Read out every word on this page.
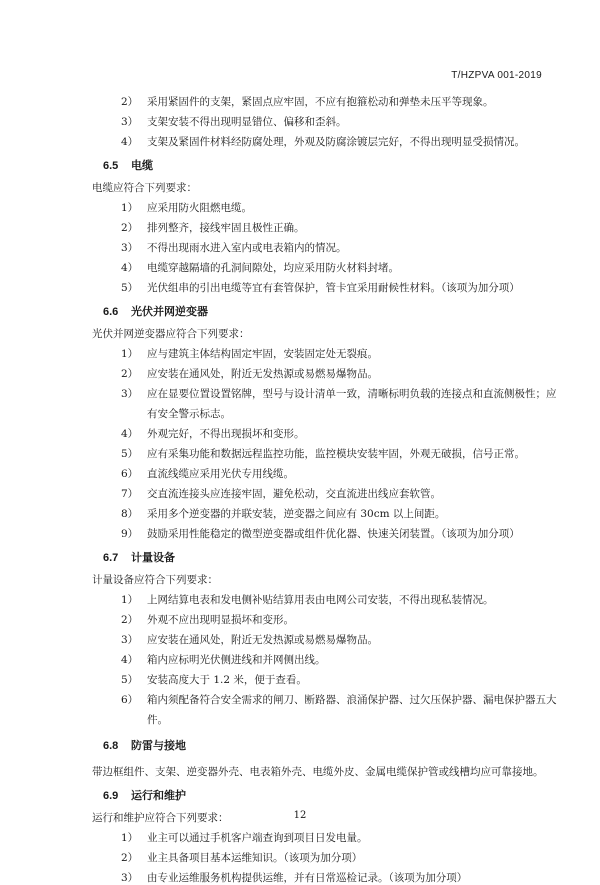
T/HZPVA 001-2019
2） 采用紧固件的支架，紧固点应牢固，不应有抱箍松动和弹垫未压平等现象。
3） 支架安装不得出现明显错位、偏移和歪斜。
4） 支架及紧固件材料经防腐处理，外观及防腐涂镀层完好，不得出现明显受损情况。
6.5 电缆
电缆应符合下列要求：
1） 应采用防火阻燃电缆。
2） 排列整齐，接线牢固且极性正确。
3） 不得出现雨水进入室内或电表箱内的情况。
4） 电缆穿越隔墙的孔洞间隙处，均应采用防火材料封堵。
5） 光伏组串的引出电缆等宜有套管保护，管卡宜采用耐候性材料。（该项为加分项）
6.6 光伏并网逆变器
光伏并网逆变器应符合下列要求：
1） 应与建筑主体结构固定牢固，安装固定处无裂痕。
2） 应安装在通风处，附近无发热源或易燃易爆物品。
3） 应在显要位置设置铭牌，型号与设计清单一致，清晰标明负载的连接点和直流侧极性；应
有安全警示标志。
4） 外观完好，不得出现损坏和变形。
5） 应有采集功能和数据远程监控功能，监控模块安装牢固，外观无破损，信号正常。
6） 直流线缆应采用光伏专用线缆。
7） 交直流连接头应连接牢固，避免松动，交直流进出线应套软管。
8） 采用多个逆变器的并联安装，逆变器之间应有 30cm 以上间距。
9） 鼓励采用性能稳定的微型逆变器或组件优化器、快速关闭装置。（该项为加分项）
6.7 计量设备
计量设备应符合下列要求：
1） 上网结算电表和发电侧补贴结算用表由电网公司安装，不得出现私装情况。
2） 外观不应出现明显损坏和变形。
3） 应安装在通风处，附近无发热源或易燃易爆物品。
4） 箱内应标明光伏侧进线和并网侧出线。
5） 安装高度大于 1.2 米，便于查看。
6） 箱内须配备符合安全需求的闸刀、断路器、浪涌保护器、过欠压保护器、漏电保护器五大
件。
6.8 防雷与接地
带边框组件、支架、逆变器外壳、电表箱外壳、电缆外皮、金属电缆保护管或线槽均应可靠接地。
6.9 运行和维护
运行和维护应符合下列要求：
1） 业主可以通过手机客户端查询到项目日发电量。
2） 业主具备项目基本运维知识。（该项为加分项）
3） 由专业运维服务机构提供运维，并有日常巡检记录。（该项为加分项）
12
